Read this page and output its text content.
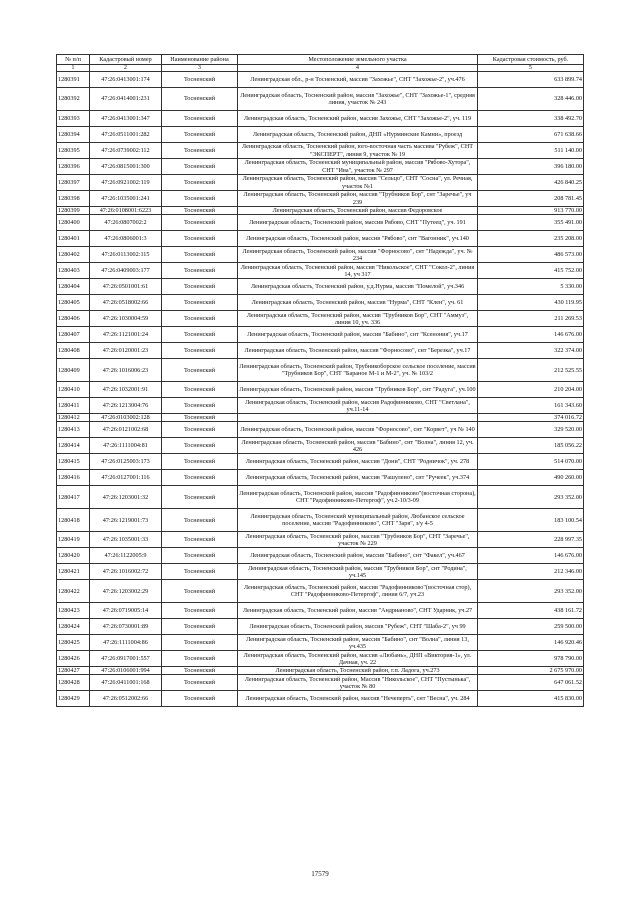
№ п/п	Кадастровый номер	Наименование района	Местоположение земельного участка	Кадастровая стоимость, руб.
1	2	3	4	5
1280391	47:26:0413001:174	Тосненский	Ленинградская обл., р-н Тосненский, массив "Захожье", СНТ "Захожье-2", уч.476	633 899.74
1280392	47:26:0414001:231	Тосненский	Ленинградская область, Тосненский район, массив "Захожье", СНТ "Захожье-1", средняя линия, участок № 243	328 446.00
1280393	47:26:0413001:347	Тосненский	Ленинградская область, Тосненский район, массив Захожье, СНТ "Захожье-2", уч. 119	338 492.70
1280394	47:26:0511001:282	Тосненский	Ленинградская область, Тосненский район, ДНП «Нурминские Камни», проезд	671 638.66
1280395	47:26:0739002:112	Тосненский	Ленинградская область, Тосненский район, юго-восточная часть массива "Рубеж", СНТ "ЭКСПЕРТ", линия 9, участок № 19	511 140.00
1280396	47:26:0815001:300	Тосненский	Ленинградская область, Тосненский муниципальный район, массив "Рябово-Хутора", СНТ "Ива", участок № 297	396 180.00
1280397	47:26:0921002:119	Тосненский	Ленинградская область, Тосненский район, массив "Сельцо", СНТ "Сосна", ул. Речная, участок №1	426 840.25
1280398	47:26:1035001:241	Тосненский	Ленинградская область, Тосненский район, массив "Трубников Бор", снт "Заречье", уч 239	208 781.45
1280399	47:26:0108001:6223	Тосненский	Ленинградская область, Тосненский район, массив Федоровское	913 770.00
1280400	47:26:0807002:2	Тосненский	Ленинградская область, Тосненский район, массив Рябово, СНТ "Путеец", уч. 191	355 491.00
1280401	47:26:0806001:3	Тосненский	Ленинградская область, Тосненский район, массив "Рябово", снт "Вагонник", уч.140	235 208.00
1280402	47:26:0113002:115	Тосненский	Ленинградская область, Тосненский район, массив "Форносово", снт "Надежда", уч. № 234	486 573.00
1280403	47:26:0409003:177	Тосненский	Ленинградская область, Тосненский район, массив "Никольское", СНТ "Сокол-2", линия 14, уч 317	415 752.00
1280404	47:26:0501001:61	Тосненский	Ленинградская область, Тосненский район, у.д.Нурма, массив "Помелой", уч.346	5 330.00
1280405	47:26:0518002:66	Тосненский	Ленинградская область, Тосненский район, массив "Нурма", СНТ "Клен", уч. 61	430 119.95
1280406	47:26:1030004:59	Тосненский	Ленинградская область, Тосненский район, массив "Трубников Бор", СНТ "Аммуз", линия 10, уч. 336	211 269.53
1280407	47:26:1121001:24	Тосненский	Ленинградская область, Тосненский район, массив "Бабино", снт "Ксенония", уч.17	146 676.00
1280408	47:26:0120001:23	Тосненский	Ленинградская область, Тосненский район, массив "Форносово", снт "Березка", уч.17	322 374.00
1280409	47:26:1016006:23	Тосненский	Ленинградская область, Тосненский район, Трубникоборское сельское поселение, массив "Трубников Бор", СНТ "Бараное М-1 и М-2", уч. № 103/2	212 525.55
1280410	47:26:1032001:91	Тосненский	Ленинградская область, Тосненский район, массив "Трубников Бор", снт "Радуга", уч.100	210 204.00
1280411	47:26:1213004:76	Тосненский	Ленинградская область, Тосненский район, массив Радофинниково, СНТ "Светлана", уч.11-14	161 343.60
1280412	47:26:0103002:128	Тосненский		374 016.72
1280413	47:26:0121002:68	Тосненский	Ленинградская область, Тосненский район, массив "Форносово", снт "Корвет", уч № 140	329 520.00
1280414	47:26:1111004:81	Тосненский	Ленинградская область, Тосненский район, массив "Бабино", снт "Волна", линия 12, уч. 426	185 056.22
1280415	47:26:0125003:173	Тосненский	Ленинградская область, Тосненский район, массив "Дони", СНТ "Родничок", уч. 278	514 070.00
1280416	47:26:0127001:116	Тосненский	Ленинградская область, Тосненский район, массив "Рашулено", снт "Ручеек", уч.374	490 260.00
1280417	47:26:1203001:32	Тосненский	Ленинградская область, Тосненский район, массив "Радофинниково"(восточная сторона), СНТ "Радофинниково-Петергоф", уч.2-10/3-09	293 352.00
1280418	47:26:1219001:73	Тосненский	Ленинградская область, Тосненский муниципальный район, Любанское сельское поселение, массив "Радофинниково", СНТ "Заря", з/у 4-5	183 100.54
1280419	47:26:1035001:33	Тосненский	Ленинградская область, Тосненский район, массив "Трубников Бор", СНТ "Заречье", участок № 229	228 997.35
1280420	47:26:1122005:9	Тосненский	Ленинградская область, Тосненский район, массив "Бабино", снт "Факел", уч.467	146 676.00
1280421	47:26:1016002:72	Тосненский	Ленинградская область, Тосненский район, массив "Трубников Бор", снт "Родина", уч.145	212 346.00
1280422	47:26:1203002:29	Тосненский	Ленинградская область, Тосненский район, массив "Радофинниково"(восточная стор), СНТ "Радофинниково-Петергоф", линия 6/7, уч.23	293 352.00
1280423	47:26:0719005:14	Тосненский	Ленинградская область, Тосненский район, массив "Андрианово", СНТ Ударник, уч.27	438 161.72
1280424	47:26:0730001:89	Тосненский	Ленинградская область, Тосненский район, массив "Рубеж", СНТ "Шаба-2", уч 99	259 500.00
1280425	47:26:1111004:86	Тосненский	Ленинградская область, Тосненский район, массив "Бабино", снт "Волна", линия 13, уч.435	146 920.46
1280426	47:26:0917001:557	Тосненский	Ленинградская область, Тосненский район, массив «Любань», ДНП «Виктория-1», ул. Дачная, уч. 22	978 790.00
1280427	47:26:0106001:994	Тосненский	Ленинградская область, Тосненский район, г.п. Ладога, уч.273	2 675 970.00
1280428	47:26:0411001:168	Тосненский	Ленинградская область, Тосненский район, Массив "Никольское", СНТ "Пустынька", участок № 80	647 061.52
1280429	47:26:0512002:66	Тосненский	Ленинградская область, Тосненский район, массив "Нечеперть", снт "Весна", уч. 284	415 830.00
17579
